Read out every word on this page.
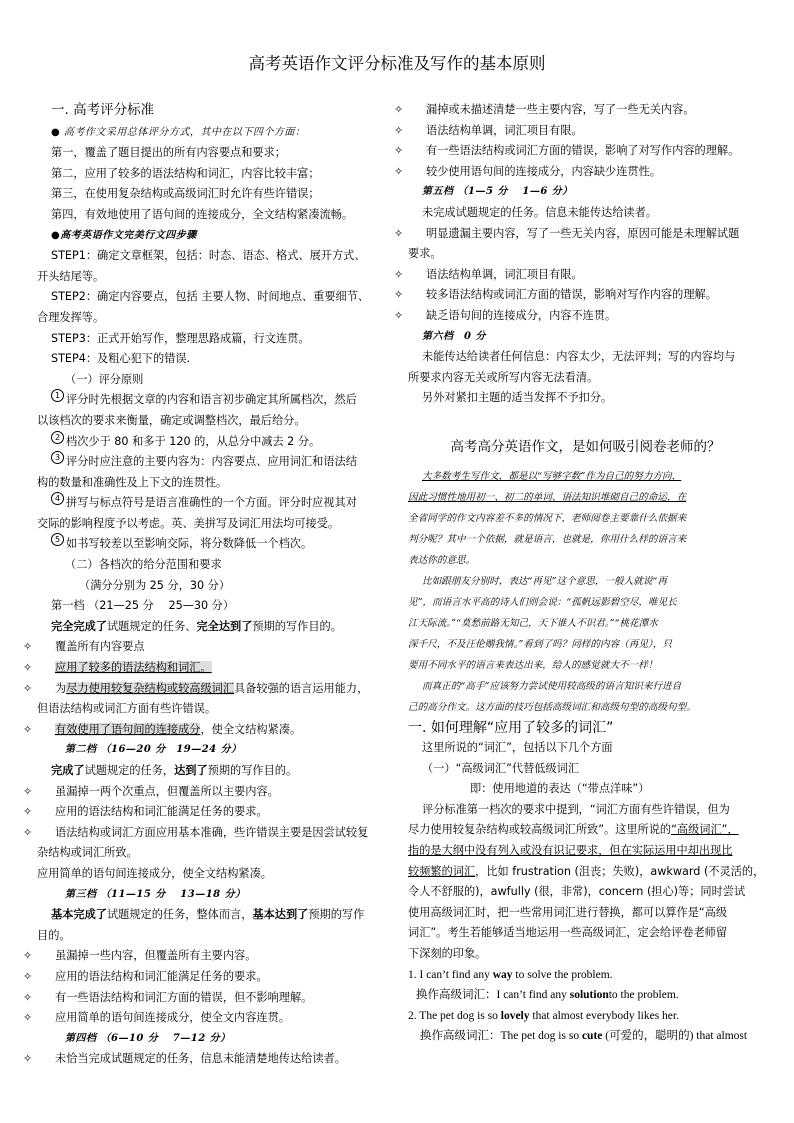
高考英语作文评分标准及写作的基本原则
一. 高考评分标准
● 高考作文采用总体评分方式，其中在以下四个方面：
第一，覆盖了题目提出的所有内容要点和要求；
第二，应用了较多的语法结构和词汇，内容比较丰富；
第三，在使用复杂结构或高级词汇时允许有些许错误；
第四，有效地使用了语句间的连接成分，全文结构紧凑流畅。
●高考英语作文完美行文四步骤
STEP1：确定文章框架，包括：时态、语态、格式、展开方式、
开头结尾等。
STEP2：确定内容要点，包括 主要人物、时间地点、重要细节、
合理发挥等。
STEP3：正式开始写作，整理思路成篇，行文连贯。
STEP4：及粗心犯下的错误.
（一）评分原则
1 评分时先根据文章的内容和语言初步确定其所属档次，然后
以该档次的要求来衡量，确定或调整档次，最后给分。
2 档次少于 80 和多于 120 的，从总分中减去 2 分。
3 评分时应注意的主要内容为：内容要点、应用词汇和语法结
构的数量和准确性及上下文的连贯性。
4 拼写与标点符号是语言准确性的一个方面。评分时应视其对
交际的影响程度予以考虑。英、美拼写及词汇用法均可接受。
5 如书写较差以至影响交际，将分数降低一个档次。
（二）各档次的给分范围和要求
（满分分别为 25 分，30 分）
第一档 （21—25 分　 25—30 分）
完全完成了试题规定的任务、完全达到了预期的写作目的。
✧ 覆盖所有内容要点
✧ 应用了较多的语法结构和词汇。
✧ 为尽力使用较复杂结构或较高级词汇具备较强的语言运用能力，
但语法结构或词汇方面有些许错误。
✧ 有效使用了语句间的连接成分，使全文结构紧凑。
第二档 （16—20 分　19—24 分）
完成了试题规定的任务，达到了预期的写作目的。
✧ 虽漏掉一两个次重点，但覆盖所以主要内容。
✧ 应用的语法结构和词汇能满足任务的要求。
✧ 语法结构或词汇方面应用基本准确，些许错误主要是因尝试较复
杂结构或词汇所致。
应用简单的语句间连接成分，使全文结构紧凑。
第三档 （11—15 分　 13—18 分）
基本完成了试题规定的任务，整体而言，基本达到了预期的写作
目的。
✧ 虽漏掉一些内容，但覆盖所有主要内容。
✧ 应用的语法结构和词汇能满足任务的要求。
✧ 有一些语法结构和词汇方面的错误，但不影响理解。
✧ 应用简单的语句间连接成分，使全文内容连贯。
第四档 （6—10 分　 7—12 分）
✧ 未恰当完成试题规定的任务，信息未能清楚地传达给读者。
✧ 漏掉或未描述清楚一些主要内容，写了一些无关内容。
✧ 语法结构单调，词汇项目有限。
✧ 有一些语法结构或词汇方面的错误，影响了对写作内容的理解。
✧ 较少使用语句间的连接成分，内容缺少连贯性。
第五档 （1—5 分　 1—6 分）
未完成试题规定的任务。信息未能传达给读者。
✧ 明显遗漏主要内容，写了一些无关内容，原因可能是未理解试题
要求。
✧ 语法结构单调，词汇项目有限。
✧ 较多语法结构或词汇方面的错误，影响对写作内容的理解。
✧ 缺乏语句间的连接成分，内容不连贯。
第六档　0 分
未能传达给读者任何信息：内容太少，无法评判；写的内容均与
所要求内容无关或所写内容无法看清。
另外对紧扣主题的适当发挥不予扣分。
高考高分英语作文，是如何吸引阅卷老师的？
大多数考生写作文，都是以“写够字数”作为自己的努力方向，
因此习惯性地用初一、初二的单词、语法知识堆砌自己的命运，在
全省同学的作文内容差不多的情况下，老师阅卷主要靠什么依据来
判分呢？其中一个依据，就是语言，也就是，你用什么样的语言来
表达你的意思。
比如跟朋友分别时，表达“再见”这个意思，一般人就说“再
见”，而语言水平高的诗人们则会说：“孤帆远影碧空尽，唯见长
江天际流。”“莫愁前路无知己，天下谁人不识君。”“桃花潭水
深千尺，不及汪伦赠我情。”看到了吗？同样的内容（再见），只
要用不同水平的语言来表达出来，给人的感觉就大不一样！
而真正的“高手”应该努力尝试使用较高级的语言知识来行进自
己的高分作文。这方面的技巧包括高级词汇和高级句型的高级句型。
一. 如何理解“应用了较多的词汇”
这里所说的“词汇”，包括以下几个方面
（一）“高级词汇”代替低级词汇
即：使用地道的表达（“带点洋味”）
评分标准第一档次的要求中提到，“词汇方面有些许错误，但为
尽力使用较复杂结构或较高级词汇所致”。这里所说的“高级词汇”，
指的是大纲中没有列入或没有识记要求，但在实际运用中却出现比
较频繁的词汇，比如 frustration (沮丧；失败)，awkward (不灵活的，
令人不舒服的)，awfully (很，非常)，concern (担心)等；同时尝试
使用高级词汇时，把一些常用词汇进行替换，都可以算作是“高级
词汇”。考生若能够适当地运用一些高级词汇，定会给评卷老师留
下深刻的印象。
1. I can’t find any way to solve the problem.
换作高级词汇：I can’t find any solutionto the problem.
2. The pet dog is so lovely that almost everybody likes her.
换作高级词汇：The pet dog is so cute (可爱的，聪明的) that almost
